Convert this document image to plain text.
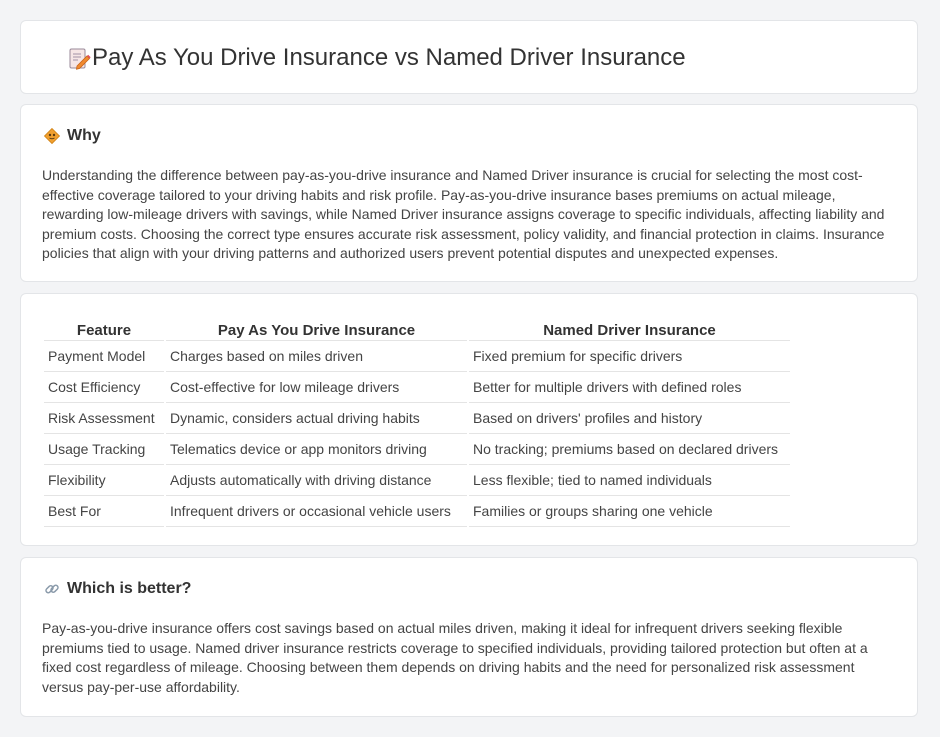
Pay As You Drive Insurance vs Named Driver Insurance
Why

Understanding the difference between pay-as-you-drive insurance and Named Driver insurance is crucial for selecting the most cost-effective coverage tailored to your driving habits and risk profile. Pay-as-you-drive insurance bases premiums on actual mileage, rewarding low-mileage drivers with savings, while Named Driver insurance assigns coverage to specific individuals, affecting liability and premium costs. Choosing the correct type ensures accurate risk assessment, policy validity, and financial protection in claims. Insurance policies that align with your driving patterns and authorized users prevent potential disputes and unexpected expenses.

Feature	Pay As You Drive Insurance	Named Driver Insurance
Payment Model	Charges based on miles driven	Fixed premium for specific drivers
Cost Efficiency	Cost-effective for low mileage drivers	Better for multiple drivers with defined roles
Risk Assessment	Dynamic, considers actual driving habits	Based on drivers' profiles and history
Usage Tracking	Telematics device or app monitors driving	No tracking; premiums based on declared drivers
Flexibility	Adjusts automatically with driving distance	Less flexible; tied to named individuals
Best For	Infrequent drivers or occasional vehicle users	Families or groups sharing one vehicle
Which is better?

Pay-as-you-drive insurance offers cost savings based on actual miles driven, making it ideal for infrequent drivers seeking flexible premiums tied to usage. Named driver insurance restricts coverage to specified individuals, providing tailored protection but often at a fixed cost regardless of mileage. Choosing between them depends on driving habits and the need for personalized risk assessment versus pay-per-use affordability.
